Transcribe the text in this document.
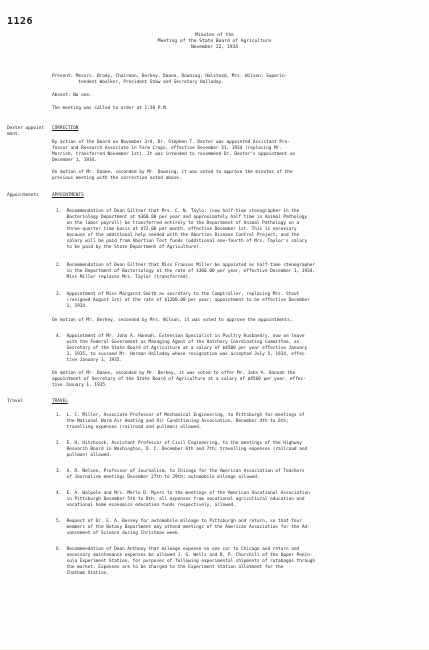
1126
Minutes of the
Meeting of the State Board of Agriculture
November 22, 1934
Present: Messrs. Brody, Chairman, Berkey, Daane, Downing, Halstead, Mrs. Wilson; Superin-
tendent Woolker, President Shaw and Secretary Halladay.
Absent: No one.
The meeting was called to order at 1:30 P.M.
Dexter appoint
ment.
CORRECTION
By action of the Board on November 3rd, Dr. Stephen T. Dexter was appointed Assistant Pro-
fessor and Research Associate in Farm Crops, effective December 31, 1934 (replacing Mr.
Morrish, transferred November 1st). It was intended to recommend Dr. Dexter's appointment on
December 1, 1934.
On motion of Mr. Daane, seconded by Mr. Downing, it was voted to approve the minutes of the
previous meeting with the correction noted above.
Appointments	APPOINTMENTS
1.  Recommendation of Dean Giltner that Mrs. C. N. Taylo: (now half-time stenographer in the
Bacteriology Department at $360.00 per year and approximately half time in Animal Pathology
on the labor payroll) be transferred entirely to the Department of Animal Pathology on a
three-quarter time basis at $72.00 per month, effective December 1st. This is necessary
because of the additional help needed with the Abortion Disease Control Project, and the
salary will be paid from Abortion Test funds (additional one-fourth of Mrs. Taylor's salary
to be paid by the State Department of Agriculture).
2.  Recommendation of Dean Giltner that Miss Frances Miller be appointed as half-time stenographer
in the Department of Bacteriology at the rate of $360.00 per year, effective December 1, 1934.
Miss Miller replaces Mrs. Taylor (transferred).
3.  Appointment of Miss Margaret Smith as secretary to the Comptroller, replacing Mrs. Stout
(resigned August 1st) at the rate of $1200.00 per year; appointment to be effective December
1, 1934.
On motion of Mr. Berkey, seconded by Mrs. Wilson, it was voted to approve the appointments.
4.  Appointment of Mr. John A. Hannah, Extension Specialist in Poultry Husbandry, now on leave
with the Federal Government as Managing Agent of the Hatchery Coordinating Committee, as
Secretary of the State Board of Agriculture at a salary of $4500 per year effective January
1, 1935, to succeed Mr. Herman Halladay whose resignation was accepted July 5, 1934, effec-
tive January 1, 1935.
On motion of Mr. Daane, seconded by Mr. Berkey, it was voted to offer Mr. John A. Hannah the
appointment of Secretary of the State Board of Agriculture at a salary of $4500 per year, effec-
tive January 1, 1935.
Travel	TRAVEL
1.  L. C. Miller, Associate Professor of Mechanical Engineering, to Pittsburgh for meetings of
the National Warm Air Heating and Air Conditioning Association, December 4th to 6th;
travelling expenses (railroad and pullman) allowed.
2.  E. H. Hitchcock, Assistant Professor of Civil Engineering, to the meetings of the Highway
Research Board in Washington, D. C. December 6th and 7th; travelling expenses (railroad and
pullman) allowed.
3.  A. R. Nelson, Professor of Journalism, to Chicago for the American Association of Teachers
of Journalism meetings December 27th to 29th; automobile mileage allowed.
4.  E. A. Walpole and Mrs. Merle D. Myers to the meetings of the American Vocational Association
in Pittsburgh December 5th to 8th; all expenses from vocational agricultural education and
vocational home economics education funds respectively, allowed.
5.  Request of Dr. E. A. Bessey for automobile mileage to Pittsburgh and return, so that four
members of the Botany Department may attend meetings of the American Association for the Ad-
vancement of Science during Christmas week.
6.  Recommendation of Dean Anthony that mileage expense on one car to Chicago and return and
necessary maintenance expenses be allowed J. G. Wells and R. P. Churchill of the Upper Penin-
sula Experiment Station, for purposes of following experimental shipments of rutabagas through
the market. Expenses are to be charged to the Experiment Station allotment for the
Chatham Station.
